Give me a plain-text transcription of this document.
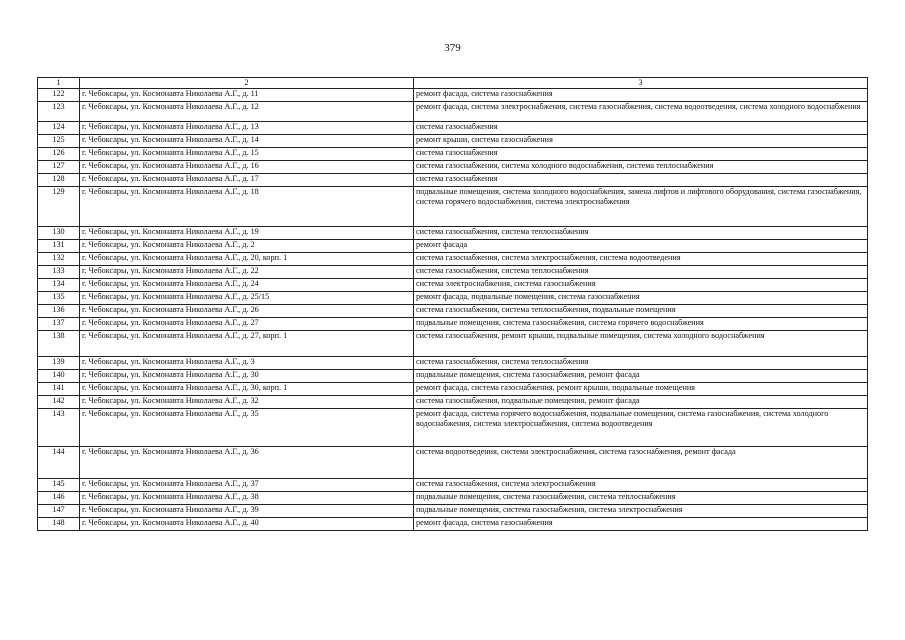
379
1	2	3
122	г. Чебоксары, ул. Космонавта Николаева А.Г., д. 11	ремонт фасада, система газоснабжения
123	г. Чебоксары, ул. Космонавта Николаева А.Г., д. 12	ремонт фасада, система электроснабжения, система газоснабжения, система водоотведения, система холодного водоснабжения
124	г. Чебоксары, ул. Космонавта Николаева А.Г., д. 13	система газоснабжения
125	г. Чебоксары, ул. Космонавта Николаева А.Г., д. 14	ремонт крыши, система газоснабжения
126	г. Чебоксары, ул. Космонавта Николаева А.Г., д. 15	система газоснабжения
127	г. Чебоксары, ул. Космонавта Николаева А.Г., д. 16	система газоснабжения, система холодного водоснабжения, система теплоснабжения
128	г. Чебоксары, ул. Космонавта Николаева А.Г., д. 17	система газоснабжения
129	г. Чебоксары, ул. Космонавта Николаева А.Г., д. 18	подвальные помещения, система холодного водоснабжения, замена лифтов и лифтового оборудования, система газоснабжения, система горячего водоснабжения, система электроснабжения
130	г. Чебоксары, ул. Космонавта Николаева А.Г., д. 19	система газоснабжения, система теплоснабжения
131	г. Чебоксары, ул. Космонавта Николаева А.Г., д. 2	ремонт фасада
132	г. Чебоксары, ул. Космонавта Николаева А.Г., д. 20, корп. 1	система газоснабжения, система электроснабжения, система водоотведения
133	г. Чебоксары, ул. Космонавта Николаева А.Г., д. 22	система газоснабжения, система теплоснабжения
134	г. Чебоксары, ул. Космонавта Николаева А.Г., д. 24	система электроснабжения, система газоснабжения
135	г. Чебоксары, ул. Космонавта Николаева А.Г., д. 25/15	ремонт фасада, подвальные помещения, система газоснабжения
136	г. Чебоксары, ул. Космонавта Николаева А.Г., д. 26	система газоснабжения, система теплоснабжения, подвальные помещения
137	г. Чебоксары, ул. Космонавта Николаева А.Г., д. 27	подвальные помещения, система газоснабжения, система горячего водоснабжения
138	г. Чебоксары, ул. Космонавта Николаева А.Г., д. 27, корп. 1	система газоснабжения, ремонт крыши, подвальные помещения, система холодного водоснабжения
139	г. Чебоксары, ул. Космонавта Николаева А.Г., д. 3	система газоснабжения, система теплоснабжения
140	г. Чебоксары, ул. Космонавта Николаева А.Г., д. 30	подвальные помещения, система газоснабжения, ремонт фасада
141	г. Чебоксары, ул. Космонавта Николаева А.Г., д. 30, корп. 1	ремонт фасада, система газоснабжения, ремонт крыши, подвальные помещения
142	г. Чебоксары, ул. Космонавта Николаева А.Г., д. 32	система газоснабжения, подвальные помещения, ремонт фасада
143	г. Чебоксары, ул. Космонавта Николаева А.Г., д. 35	ремонт фасада, система горячего водоснабжения, подвальные помещения, система газоснабжения, система холодного водоснабжения, система электроснабжения, система водоотведения
144	г. Чебоксары, ул. Космонавта Николаева А.Г., д. 36	система водоотведения, система электроснабжения, система газоснабжения, ремонт фасада
145	г. Чебоксары, ул. Космонавта Николаева А.Г., д. 37	система газоснабжения, система электроснабжения
146	г. Чебоксары, ул. Космонавта Николаева А.Г., д. 38	подвальные помещения, система газоснабжения, система теплоснабжения
147	г. Чебоксары, ул. Космонавта Николаева А.Г., д. 39	подвальные помещения, система газоснабжения, система электроснабжения
148	г. Чебоксары, ул. Космонавта Николаева А.Г., д. 40	ремонт фасада, система газоснабжения
